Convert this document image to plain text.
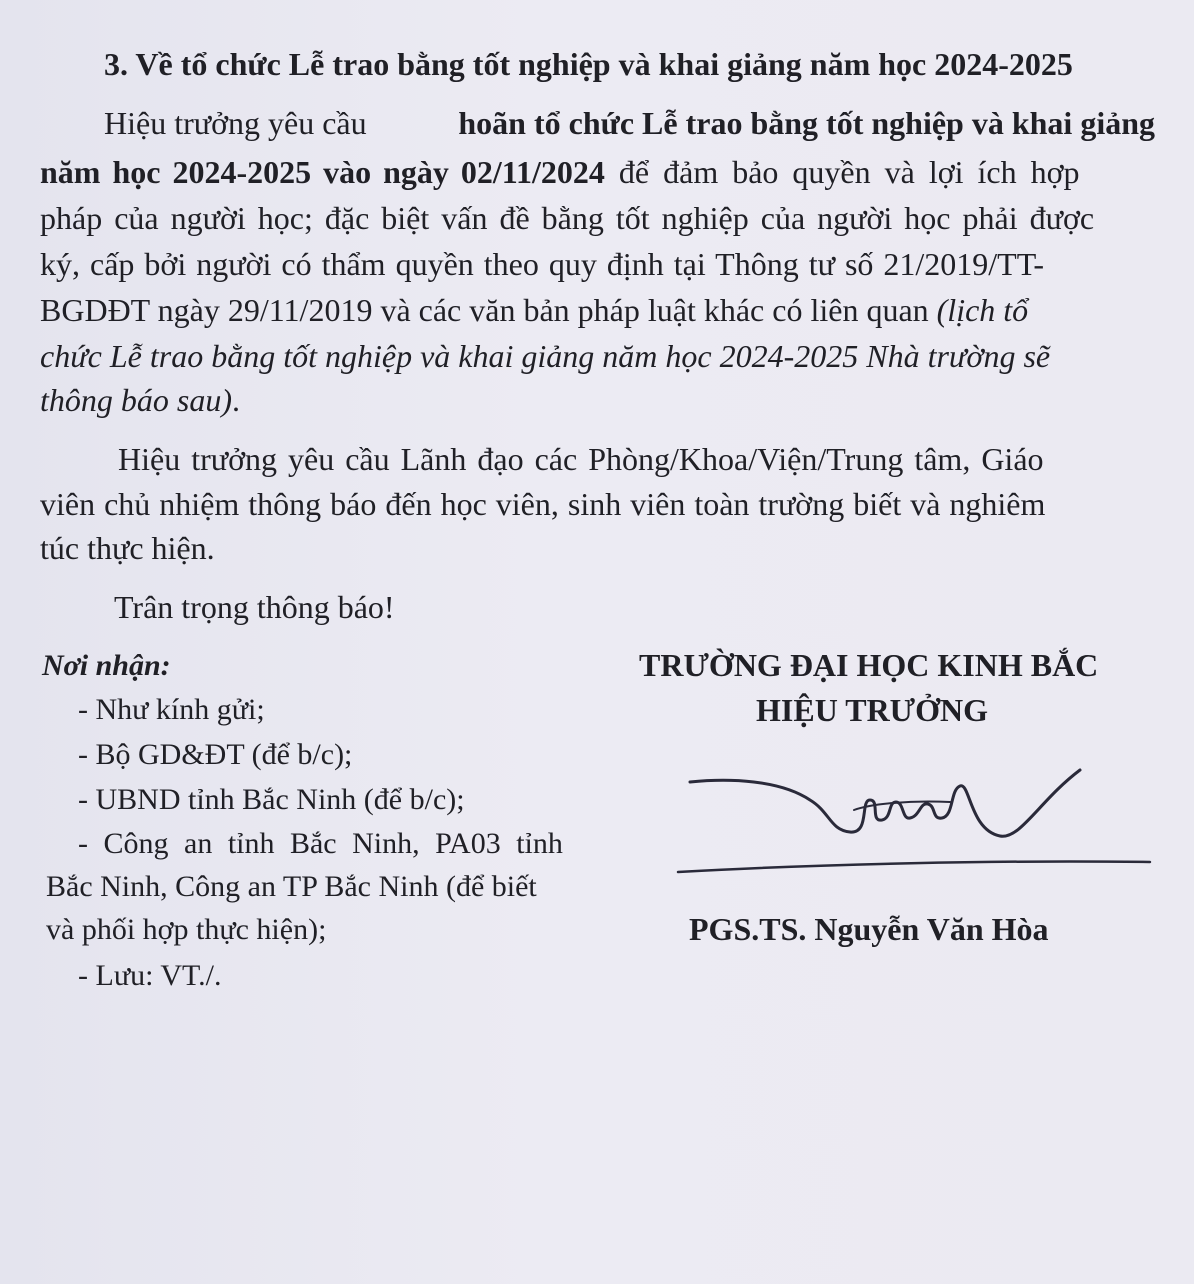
3. Về tổ chức Lễ trao bằng tốt nghiệp và khai giảng năm học 2024-2025
Hiệu trưởng yêu cầu	hoãn tổ chức Lễ trao bằng tốt nghiệp và khai giảng
năm học 2024-2025 vào ngày 02/11/2024 để đảm bảo quyền và lợi ích hợp
pháp của người học; đặc biệt vấn đề bằng tốt nghiệp của người học phải được
ký, cấp bởi người có thẩm quyền theo quy định tại Thông tư số 21/2019/TT-
BGDĐT ngày 29/11/2019 và các văn bản pháp luật khác có liên quan (lịch tổ
chức Lễ trao bằng tốt nghiệp và khai giảng năm học 2024-2025 Nhà trường sẽ
thông báo sau).
Hiệu trưởng yêu cầu Lãnh đạo các Phòng/Khoa/Viện/Trung tâm, Giáo
viên chủ nhiệm thông báo đến học viên, sinh viên toàn trường biết và nghiêm
túc thực hiện.
Trân trọng thông báo!
Nơi nhận:
- Như kính gửi;
- Bộ GD&ĐT (để b/c);
- UBND tỉnh Bắc Ninh (để b/c);
- Công an tỉnh Bắc Ninh, PA03 tỉnh
Bắc Ninh, Công an TP Bắc Ninh (để biết
và phối hợp thực hiện);
- Lưu: VT./.
TRƯỜNG ĐẠI HỌC KINH BẮC
HIỆU TRƯỞNG
PGS.TS. Nguyễn Văn Hòa
